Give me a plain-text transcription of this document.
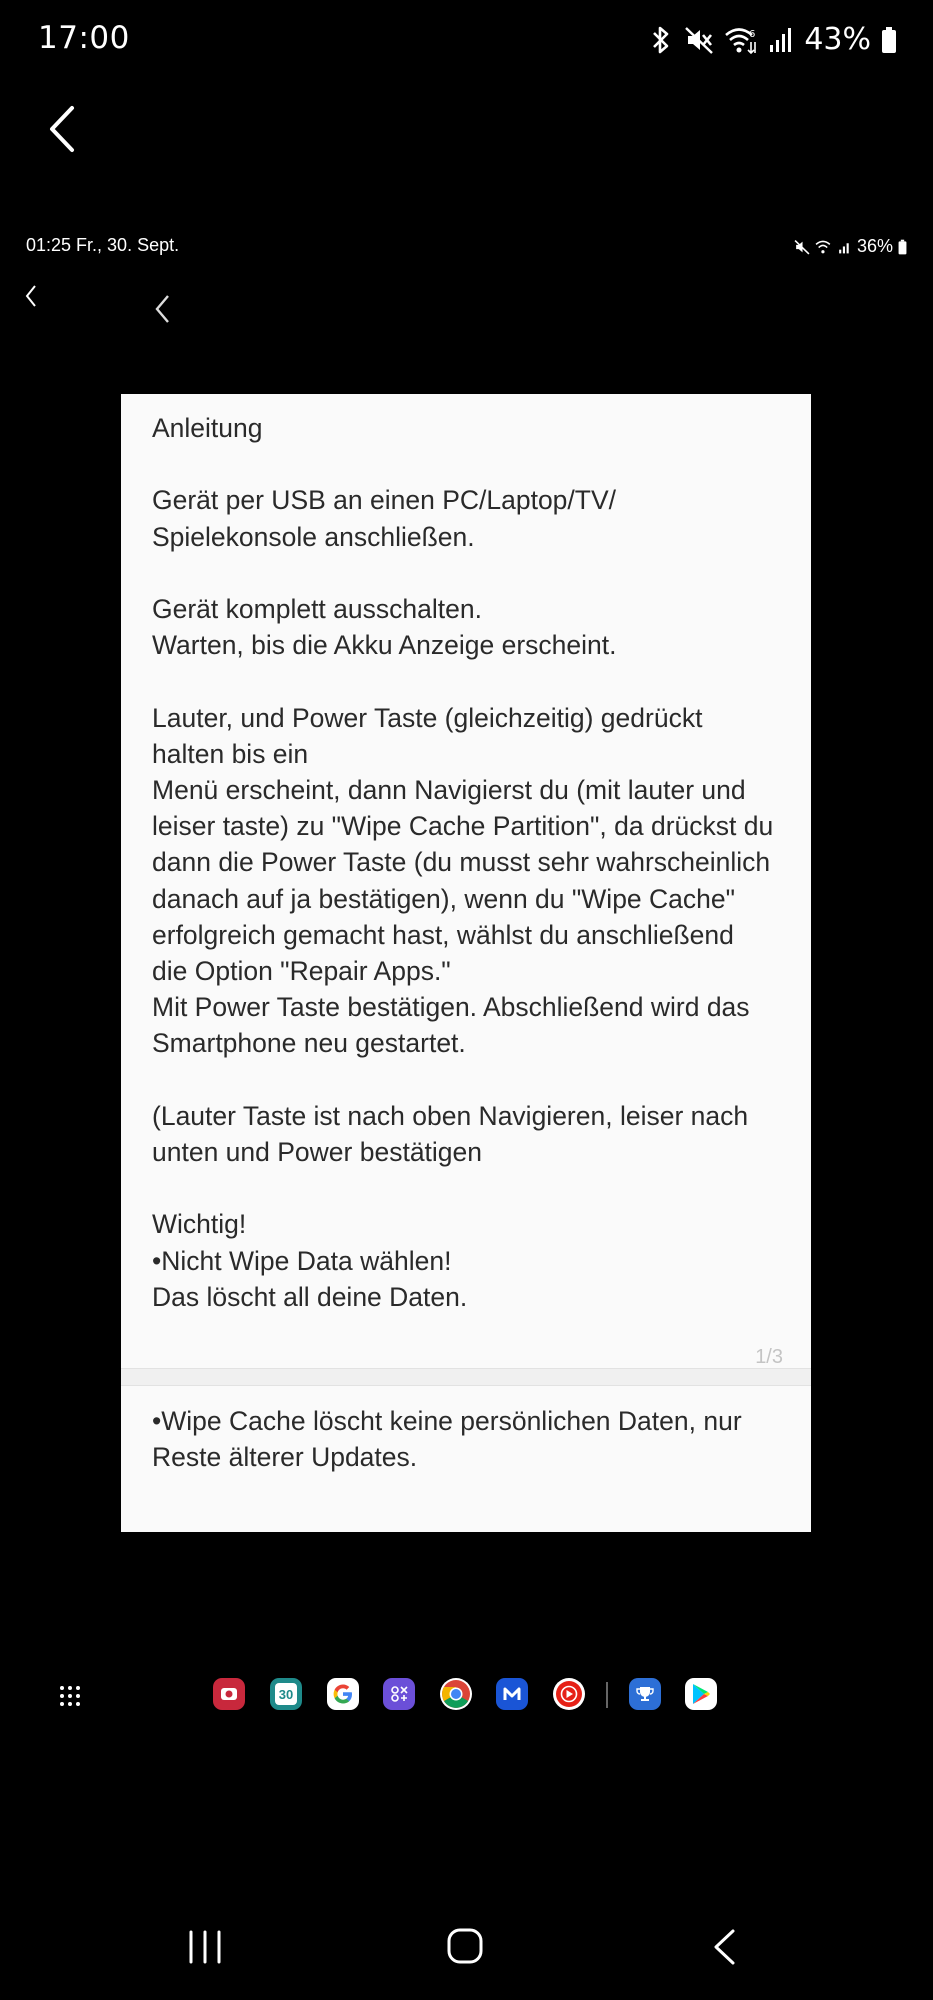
17:00	6 43%
01:25 Fr., 30. Sept.	36%

Anleitung

Gerät per USB an einen PC/Laptop/TV/
Spielekonsole anschließen.

Gerät komplett ausschalten.
Warten, bis die Akku Anzeige erscheint.

Lauter, und Power Taste (gleichzeitig) gedrückt
halten bis ein
Menü erscheint, dann Navigierst du (mit lauter und
leiser taste) zu "Wipe Cache Partition", da drückst du
dann die Power Taste (du musst sehr wahrscheinlich
danach auf ja bestätigen), wenn du "Wipe Cache"
erfolgreich gemacht hast, wählst du anschließend
die Option "Repair Apps."
Mit Power Taste bestätigen. Abschließend wird das
Smartphone neu gestartet.

(Lauter Taste ist nach oben Navigieren, leiser nach
unten und Power bestätigen

Wichtig!
•Nicht Wipe Data wählen!
Das löscht all deine Daten.

1/3

•Wipe Cache löscht keine persönlichen Daten, nur
Reste älterer Updates.

30
